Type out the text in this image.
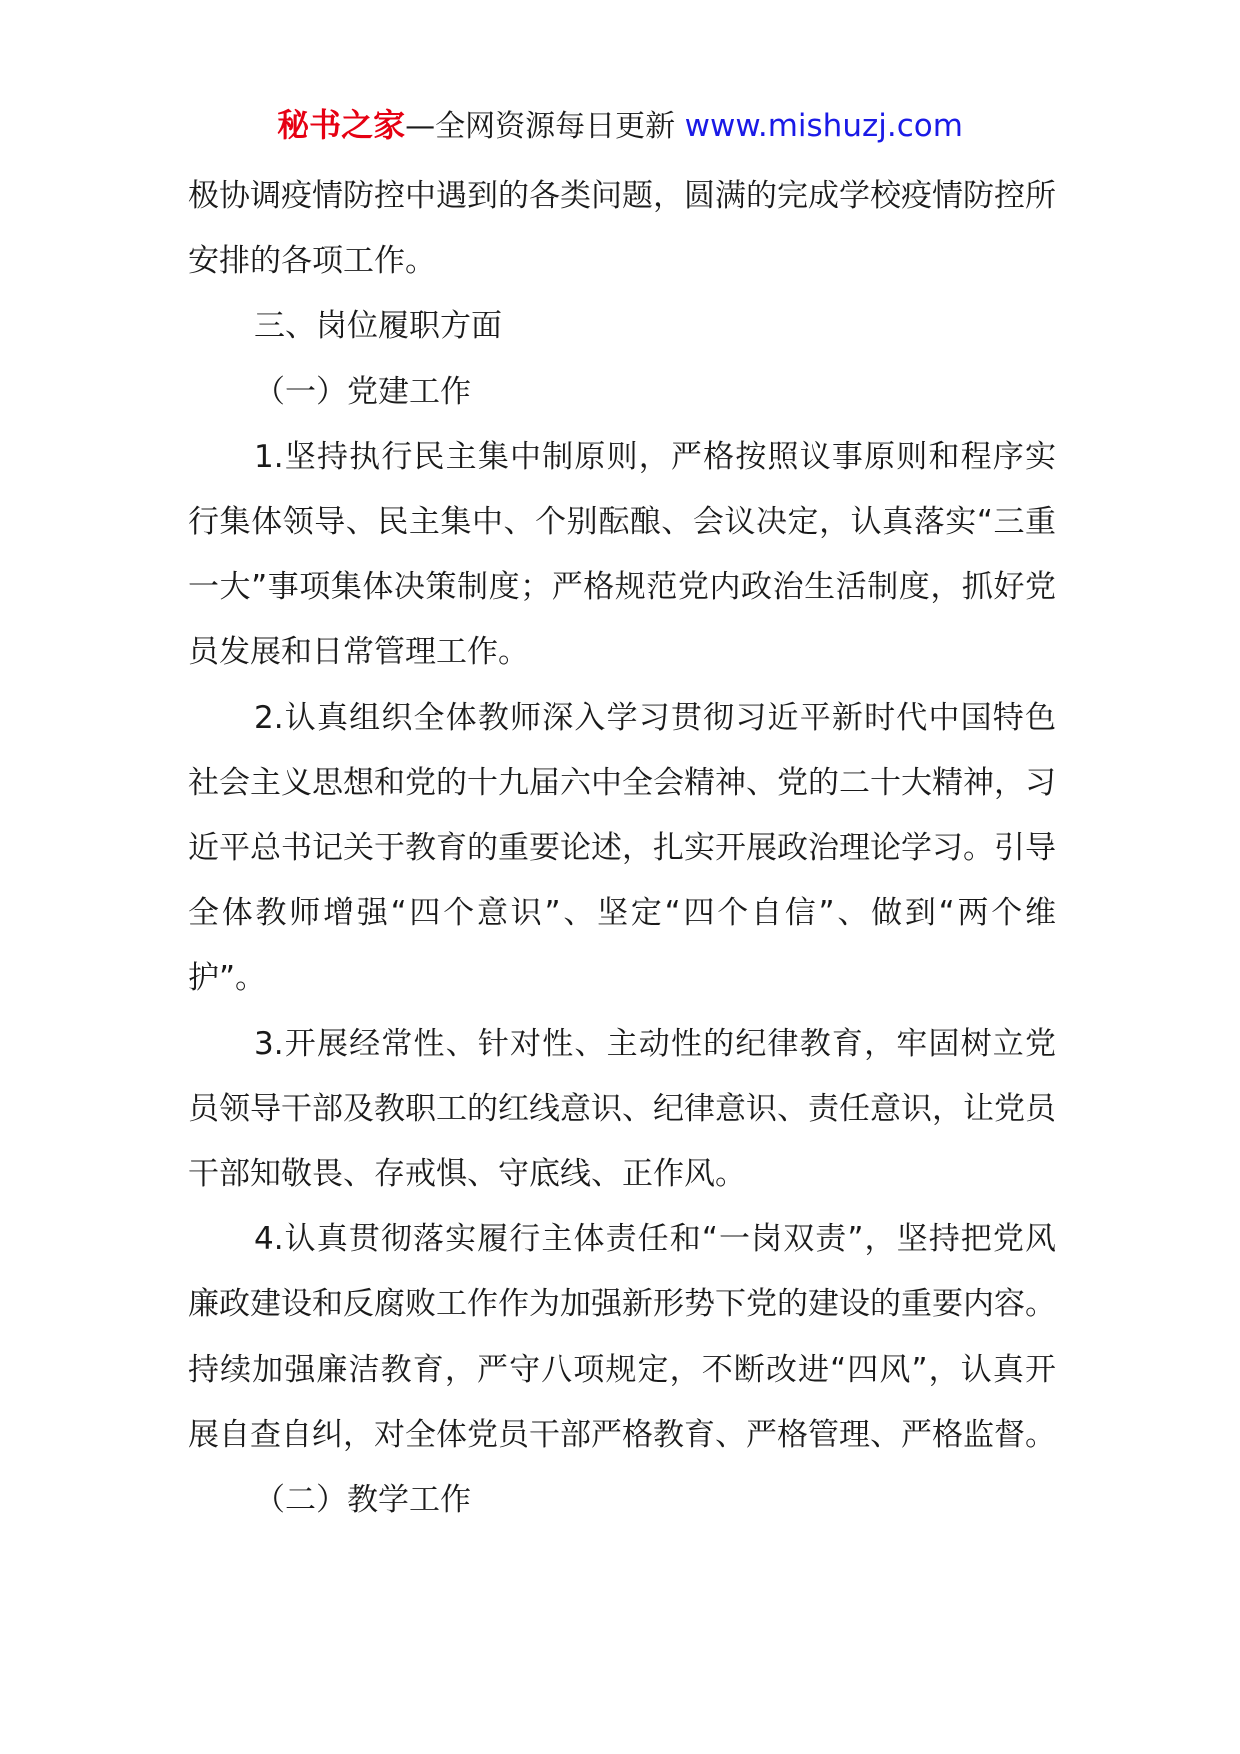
秘书之家—全网资源每日更新 www.mishuzj.com

极协调疫情防控中遇到的各类问题，圆满的完成学校疫情防控所安排的各项工作。

三、岗位履职方面

（一）党建工作

1.坚持执行民主集中制原则，严格按照议事原则和程序实行集体领导、民主集中、个别酝酿、会议决定，认真落实“三重一大”事项集体决策制度；严格规范党内政治生活制度，抓好党员发展和日常管理工作。

2.认真组织全体教师深入学习贯彻习近平新时代中国特色社会主义思想和党的十九届六中全会精神、党的二十大精神，习近平总书记关于教育的重要论述，扎实开展政治理论学习。引导全体教师增强“四个意识”、坚定“四个自信”、做到“两个维护”。

3.开展经常性、针对性、主动性的纪律教育，牢固树立党员领导干部及教职工的红线意识、纪律意识、责任意识，让党员干部知敬畏、存戒惧、守底线、正作风。

4.认真贯彻落实履行主体责任和“一岗双责”，坚持把党风廉政建设和反腐败工作作为加强新形势下党的建设的重要内容。持续加强廉洁教育，严守八项规定，不断改进“四风”，认真开展自查自纠，对全体党员干部严格教育、严格管理、严格监督。

（二）教学工作
